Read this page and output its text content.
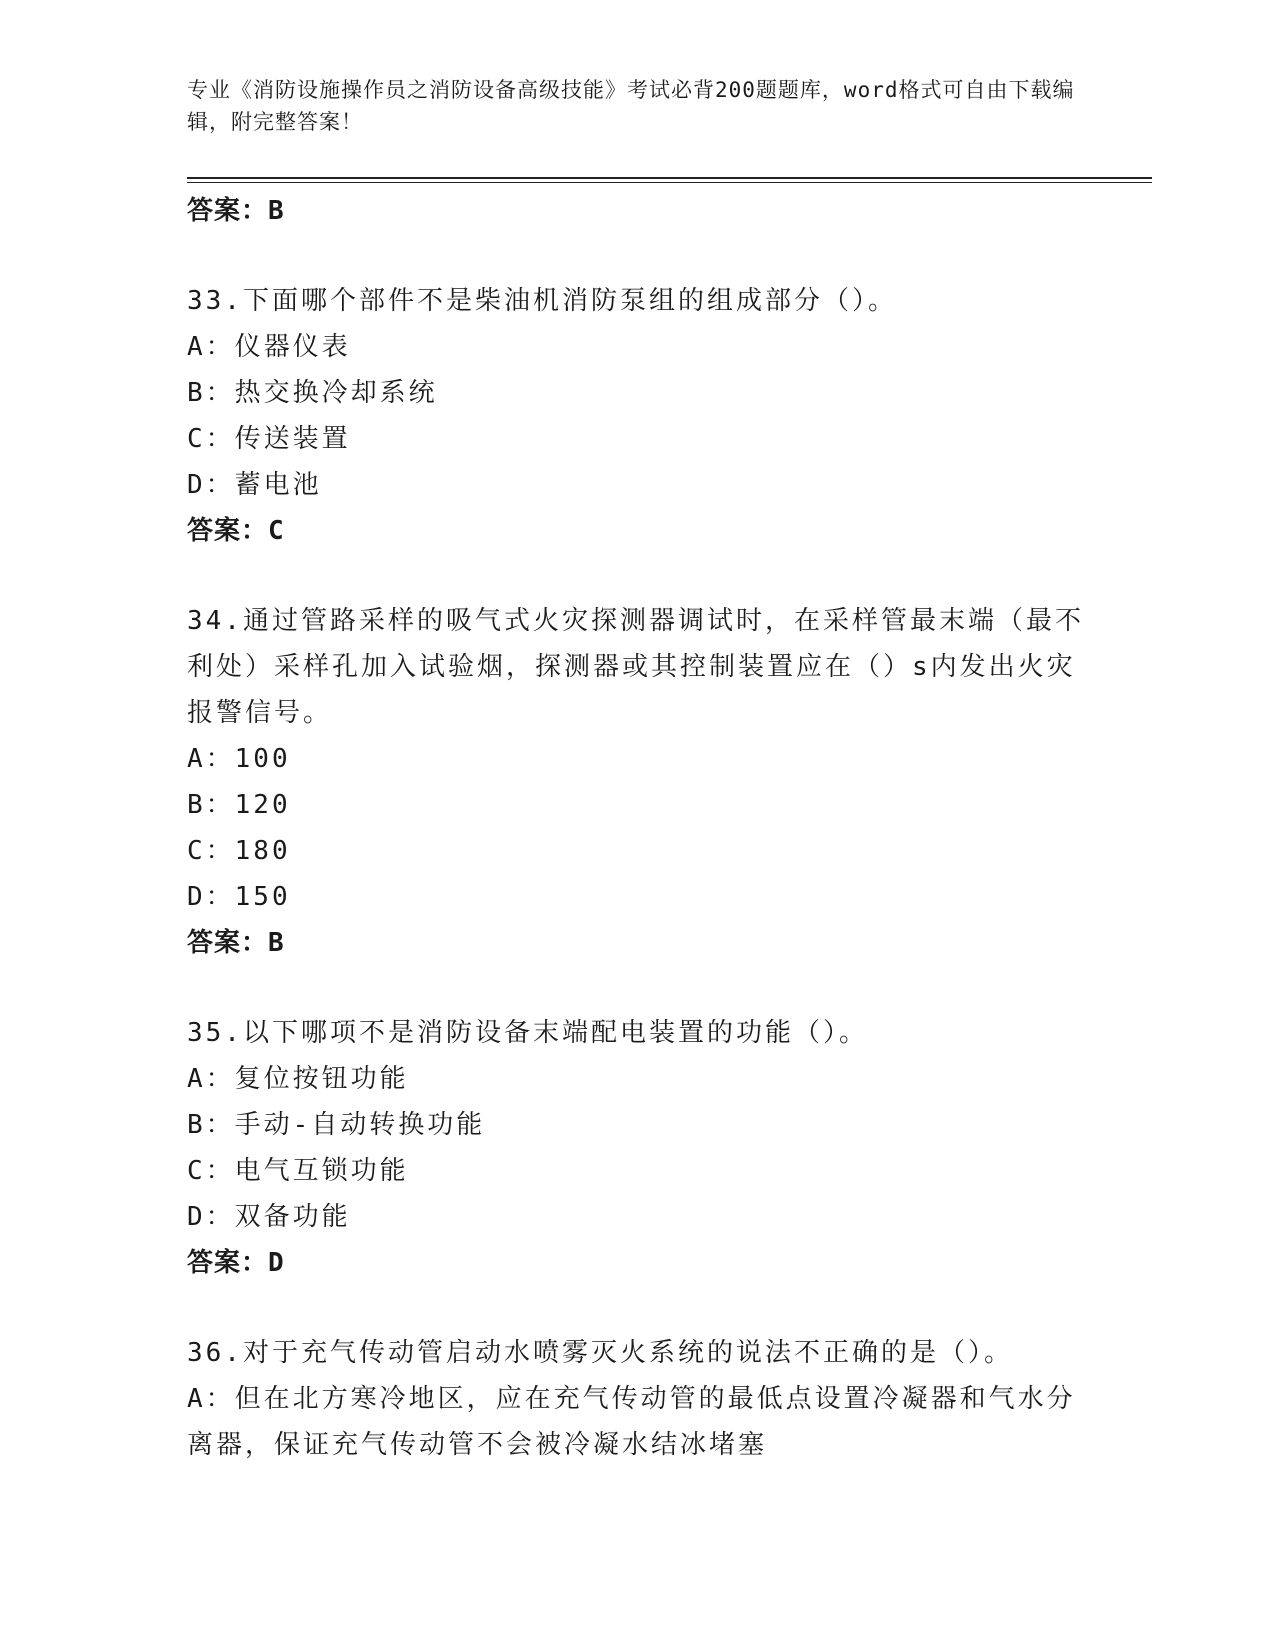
专业《消防设施操作员之消防设备高级技能》考试必背200题题库，word格式可自由下载编辑，附完整答案！
答案：B
33.下面哪个部件不是柴油机消防泵组的组成部分（）。
A：仪器仪表
B：热交换冷却系统
C：传送装置
D：蓄电池
答案：C
34.通过管路采样的吸气式火灾探测器调试时，在采样管最末端（最不利处）采样孔加入试验烟，探测器或其控制装置应在（）s内发出火灾报警信号。
A：100
B：120
C：180
D：150
答案：B
35.以下哪项不是消防设备末端配电装置的功能（）。
A：复位按钮功能
B：手动-自动转换功能
C：电气互锁功能
D：双备功能
答案：D
36.对于充气传动管启动水喷雾灭火系统的说法不正确的是（）。
A：但在北方寒冷地区，应在充气传动管的最低点设置冷凝器和气水分离器，保证充气传动管不会被冷凝水结冰堵塞
